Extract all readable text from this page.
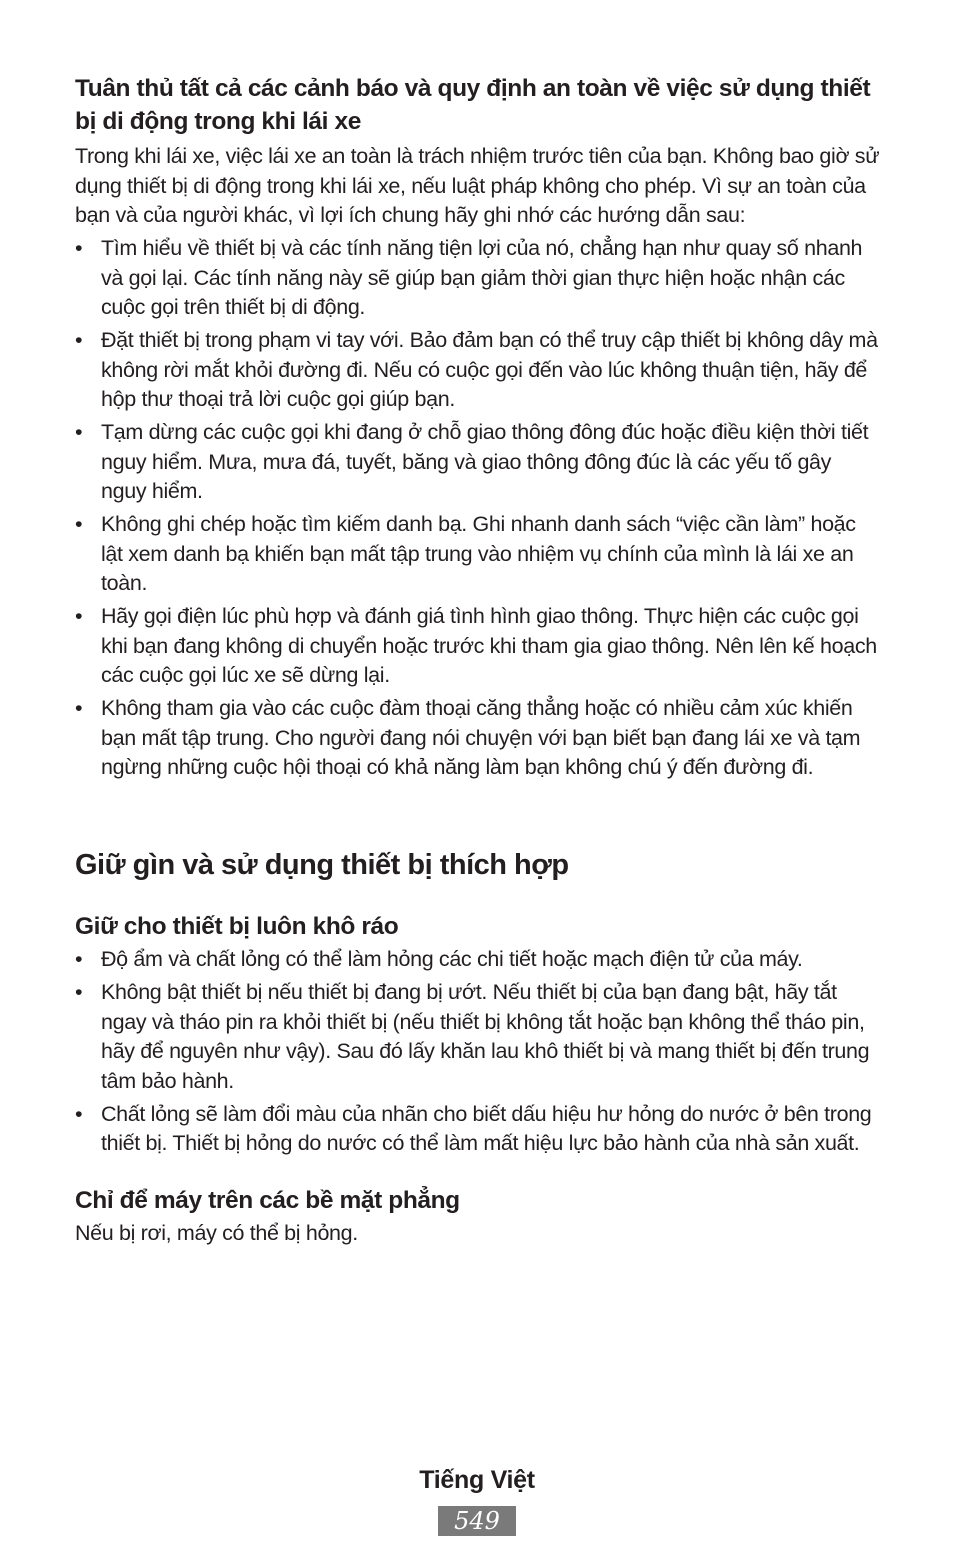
Tuân thủ tất cả các cảnh báo và quy định an toàn về việc sử dụng thiết bị di động trong khi lái xe

Trong khi lái xe, việc lái xe an toàn là trách nhiệm trước tiên của bạn. Không bao giờ sử dụng thiết bị di động trong khi lái xe, nếu luật pháp không cho phép. Vì sự an toàn của bạn và của người khác, vì lợi ích chung hãy ghi nhớ các hướng dẫn sau:

• Tìm hiểu về thiết bị và các tính năng tiện lợi của nó, chẳng hạn như quay số nhanh và gọi lại. Các tính năng này sẽ giúp bạn giảm thời gian thực hiện hoặc nhận các cuộc gọi trên thiết bị di động.
• Đặt thiết bị trong phạm vi tay với. Bảo đảm bạn có thể truy cập thiết bị không dây mà không rời mắt khỏi đường đi. Nếu có cuộc gọi đến vào lúc không thuận tiện, hãy để hộp thư thoại trả lời cuộc gọi giúp bạn.
• Tạm dừng các cuộc gọi khi đang ở chỗ giao thông đông đúc hoặc điều kiện thời tiết nguy hiểm. Mưa, mưa đá, tuyết, băng và giao thông đông đúc là các yếu tố gây nguy hiểm.
• Không ghi chép hoặc tìm kiếm danh bạ. Ghi nhanh danh sách “việc cần làm” hoặc lật xem danh bạ khiến bạn mất tập trung vào nhiệm vụ chính của mình là lái xe an toàn.
• Hãy gọi điện lúc phù hợp và đánh giá tình hình giao thông. Thực hiện các cuộc gọi khi bạn đang không di chuyển hoặc trước khi tham gia giao thông. Nên lên kế hoạch các cuộc gọi lúc xe sẽ dừng lại.
• Không tham gia vào các cuộc đàm thoại căng thẳng hoặc có nhiều cảm xúc khiến bạn mất tập trung. Cho người đang nói chuyện với bạn biết bạn đang lái xe và tạm ngừng những cuộc hội thoại có khả năng làm bạn không chú ý đến đường đi.
Giữ gìn và sử dụng thiết bị thích hợp
Giữ cho thiết bị luôn khô ráo
• Độ ẩm và chất lỏng có thể làm hỏng các chi tiết hoặc mạch điện tử của máy.
• Không bật thiết bị nếu thiết bị đang bị ướt. Nếu thiết bị của bạn đang bật, hãy tắt ngay và tháo pin ra khỏi thiết bị (nếu thiết bị không tắt hoặc bạn không thể tháo pin, hãy để nguyên như vậy). Sau đó lấy khăn lau khô thiết bị và mang thiết bị đến trung tâm bảo hành.
• Chất lỏng sẽ làm đổi màu của nhãn cho biết dấu hiệu hư hỏng do nước ở bên trong thiết bị. Thiết bị hỏng do nước có thể làm mất hiệu lực bảo hành của nhà sản xuất.
Chỉ để máy trên các bề mặt phẳng

Nếu bị rơi, máy có thể bị hỏng.

Tiếng Việt
549
